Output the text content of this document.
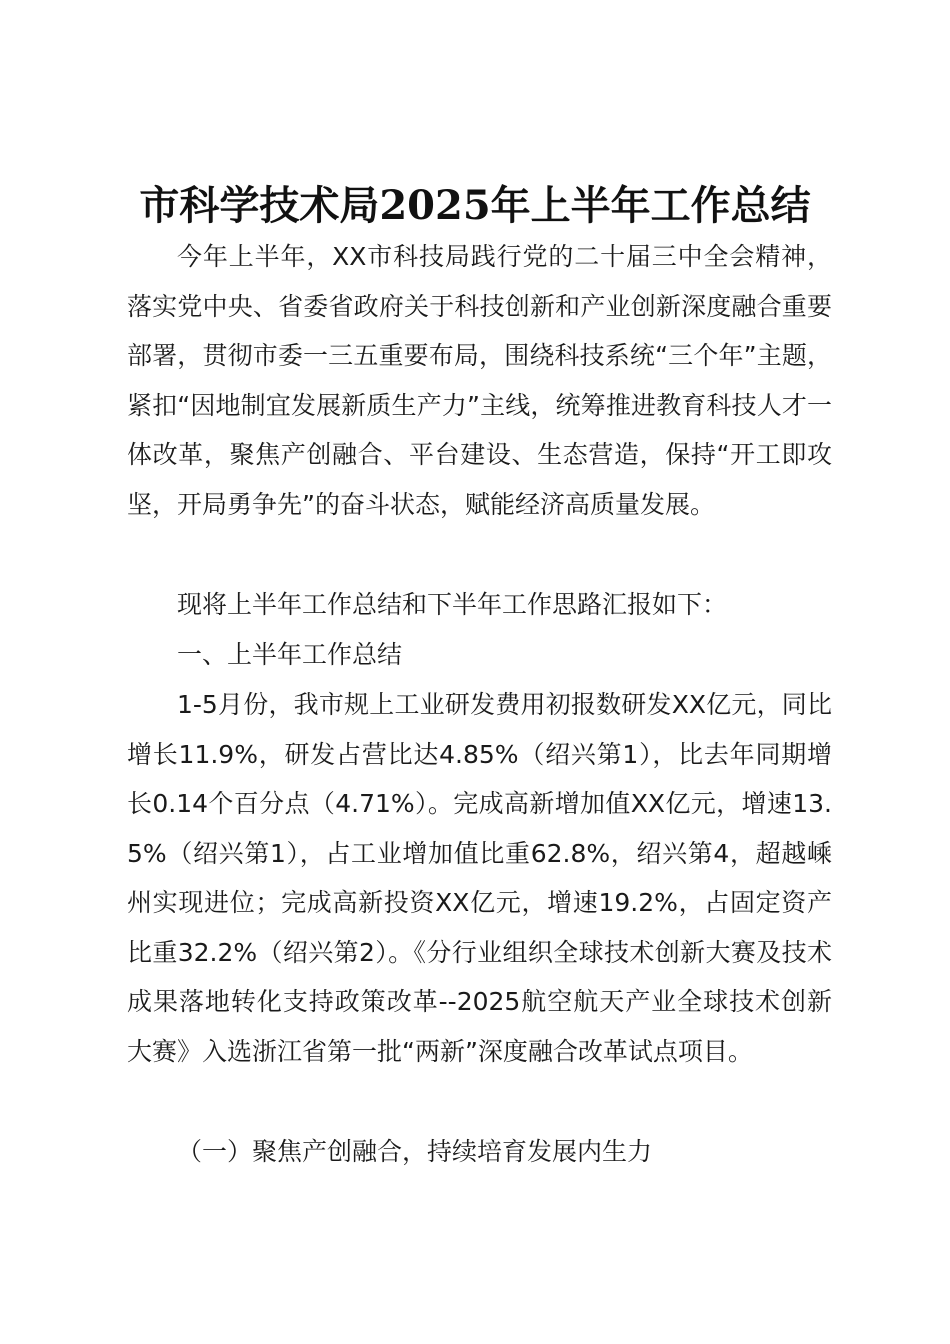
市科学技术局2025年上半年工作总结

今年上半年，XX市科技局践行党的二十届三中全会精神，落实党中央、省委省政府关于科技创新和产业创新深度融合重要部署，贯彻市委一三五重要布局，围绕科技系统“三个年”主题，紧扣“因地制宜发展新质生产力”主线，统筹推进教育科技人才一体改革，聚焦产创融合、平台建设、生态营造，保持“开工即攻坚，开局勇争先”的奋斗状态，赋能经济高质量发展。

现将上半年工作总结和下半年工作思路汇报如下：

一、上半年工作总结

1-5月份，我市规上工业研发费用初报数研发XX亿元，同比增长11.9%，研发占营比达4.85%（绍兴第1），比去年同期增长0.14个百分点（4.71%）。完成高新增加值XX亿元，增速13.5%（绍兴第1），占工业增加值比重62.8%，绍兴第4，超越嵊州实现进位；完成高新投资XX亿元，增速19.2%，占固定资产比重32.2%（绍兴第2）。《分行业组织全球技术创新大赛及技术成果落地转化支持政策改革--2025航空航天产业全球技术创新大赛》入选浙江省第一批“两新”深度融合改革试点项目。

（一）聚焦产创融合，持续培育发展内生力
